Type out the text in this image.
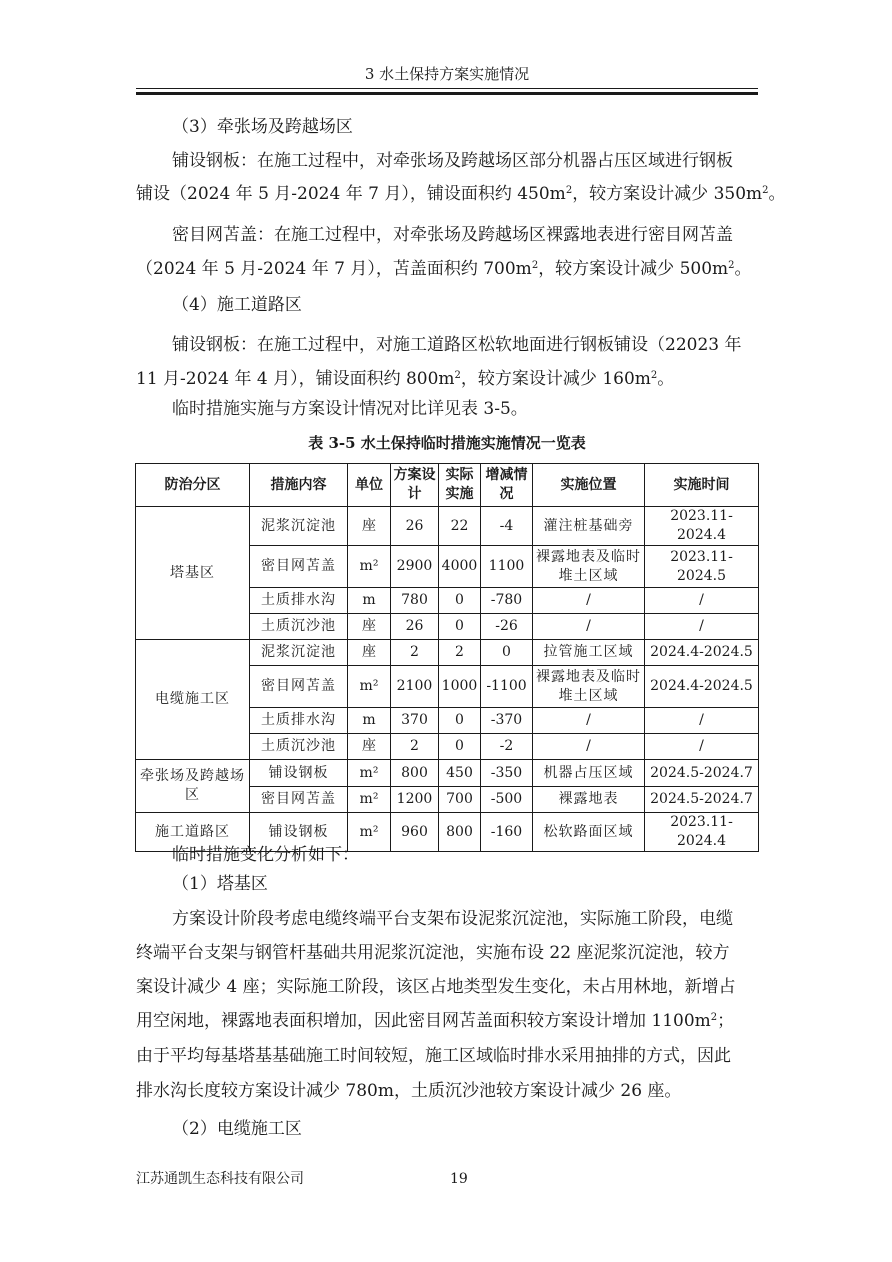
3 水土保持方案实施情况
（3）牵张场及跨越场区
铺设钢板：在施工过程中，对牵张场及跨越场区部分机器占压区域进行钢板
铺设（2024 年 5 月-2024 年 7 月），铺设面积约 $450m^2$，较方案设计减少 $350m^2$。
密目网苫盖：在施工过程中，对牵张场及跨越场区裸露地表进行密目网苫盖
（2024 年 5 月-2024 年 7 月），苫盖面积约 $700m^2$，较方案设计减少 $500m^2$。
（4）施工道路区
铺设钢板：在施工过程中，对施工道路区松软地面进行钢板铺设（22023 年
11 月-2024 年 4 月），铺设面积约 $800m^2$，较方案设计减少 $160m^2$。
临时措施实施与方案设计情况对比详见表 3-5。
表 3-5 水土保持临时措施实施情况一览表
防治分区	措施内容	单位	方案设计	实际实施	增减情况	实施位置	实施时间
塔基区	泥浆沉淀池	座	26	22	-4	灌注桩基础旁	2023.11-2024.4
	密目网苫盖	m²	2900	4000	1100	裸露地表及临时堆土区域	2023.11-2024.5
	土质排水沟	m	780	0	-780	/	/
	土质沉沙池	座	26	0	-26	/	/
电缆施工区	泥浆沉淀池	座	2	2	0	拉管施工区域	2024.4-2024.5
	密目网苫盖	m²	2100	1000	-1100	裸露地表及临时堆土区域	2024.4-2024.5
	土质排水沟	m	370	0	-370	/	/
	土质沉沙池	座	2	0	-2	/	/
牵张场及跨越场区	铺设钢板	m²	800	450	-350	机器占压区域	2024.5-2024.7
	密目网苫盖	m²	1200	700	-500	裸露地表	2024.5-2024.7
施工道路区	铺设钢板	m²	960	800	-160	松软路面区域	2023.11-2024.4
临时措施变化分析如下：
（1）塔基区
方案设计阶段考虑电缆终端平台支架布设泥浆沉淀池，实际施工阶段，电缆
终端平台支架与钢管杆基础共用泥浆沉淀池，实施布设 22 座泥浆沉淀池，较方
案设计减少 4 座；实际施工阶段，该区占地类型发生变化，未占用林地，新增占
用空闲地，裸露地表面积增加，因此密目网苫盖面积较方案设计增加 $1100m^2$；
由于平均每基塔基基础施工时间较短，施工区域临时排水采用抽排的方式，因此
排水沟长度较方案设计减少 780m，土质沉沙池较方案设计减少 26 座。
（2）电缆施工区
江苏通凯生态科技有限公司	19
